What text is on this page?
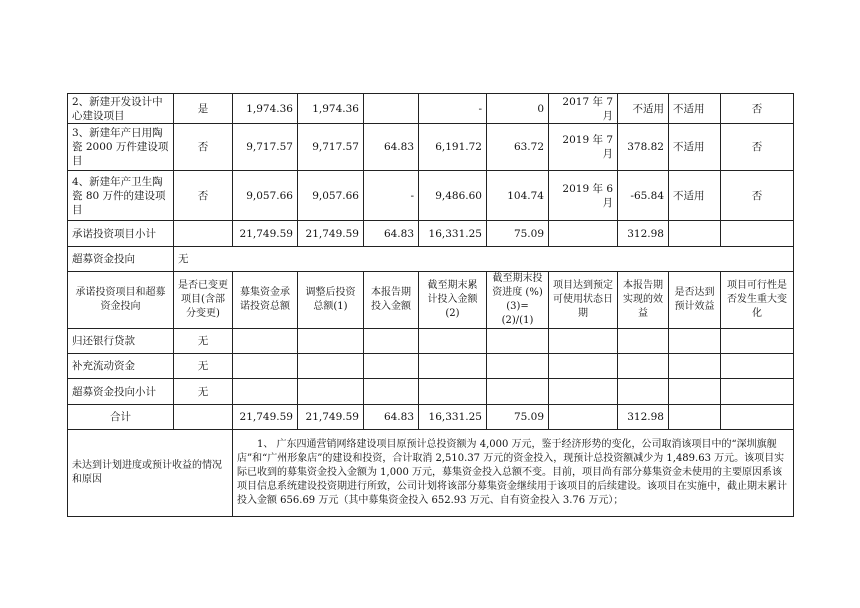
2、新建开发设计中心建设项目	是	1,974.36	1,974.36		-	0	2017 年 7 月	不适用	不适用	否
3、新建年产日用陶瓷 2000 万件建设项目	否	9,717.57	9,717.57	64.83	6,191.72	63.72	2019 年 7 月	378.82	不适用	否
4、新建年产卫生陶瓷 80 万件的建设项目	否	9,057.66	9,057.66	-	9,486.60	104.74	2019 年 6 月	-65.84	不适用	否
承诺投资项目小计		21,749.59	21,749.59	64.83	16,331.25	75.09		312.98		
超募资金投向	无									
承诺投资项目和超募资金投向	是否已变更项目(含部分变更)	募集资金承诺投资总额	调整后投资总额(1)	本报告期投入金额	截至期末累计投入金额(2)	截至期末投资进度 (%) (3)=(2)/(1)	项目达到预定可使用状态日期	本报告期实现的效益	是否达到预计效益	项目可行性是否发生重大变化
归还银行贷款	无									
补充流动资金	无									
超募资金投向小计	无									
合计		21,749.59	21,749.59	64.83	16,331.25	75.09		312.98		
未达到计划进度或预计收益的情况和原因		1、 广东四通营销网络建设项目原预计总投资额为 4,000 万元，鉴于经济形势的变化，公司取消该项目中的“深圳旗舰店”和“广州形象店”的建设和投资，合计取消 2,510.37 万元的资金投入，现预计总投资额减少为 1,489.63 万元。该项目实际已收到的募集资金投入金额为 1,000 万元，募集资金投入总额不变。目前，项目尚有部分募集资金未使用的主要原因系该项目信息系统建设投资期进行所致，公司计划将该部分募集资金继续用于该项目的后续建设。该项目在实施中，截止期末累计投入金额 656.69 万元（其中募集资金投入 652.93 万元、自有资金投入 3.76 万元）；								
